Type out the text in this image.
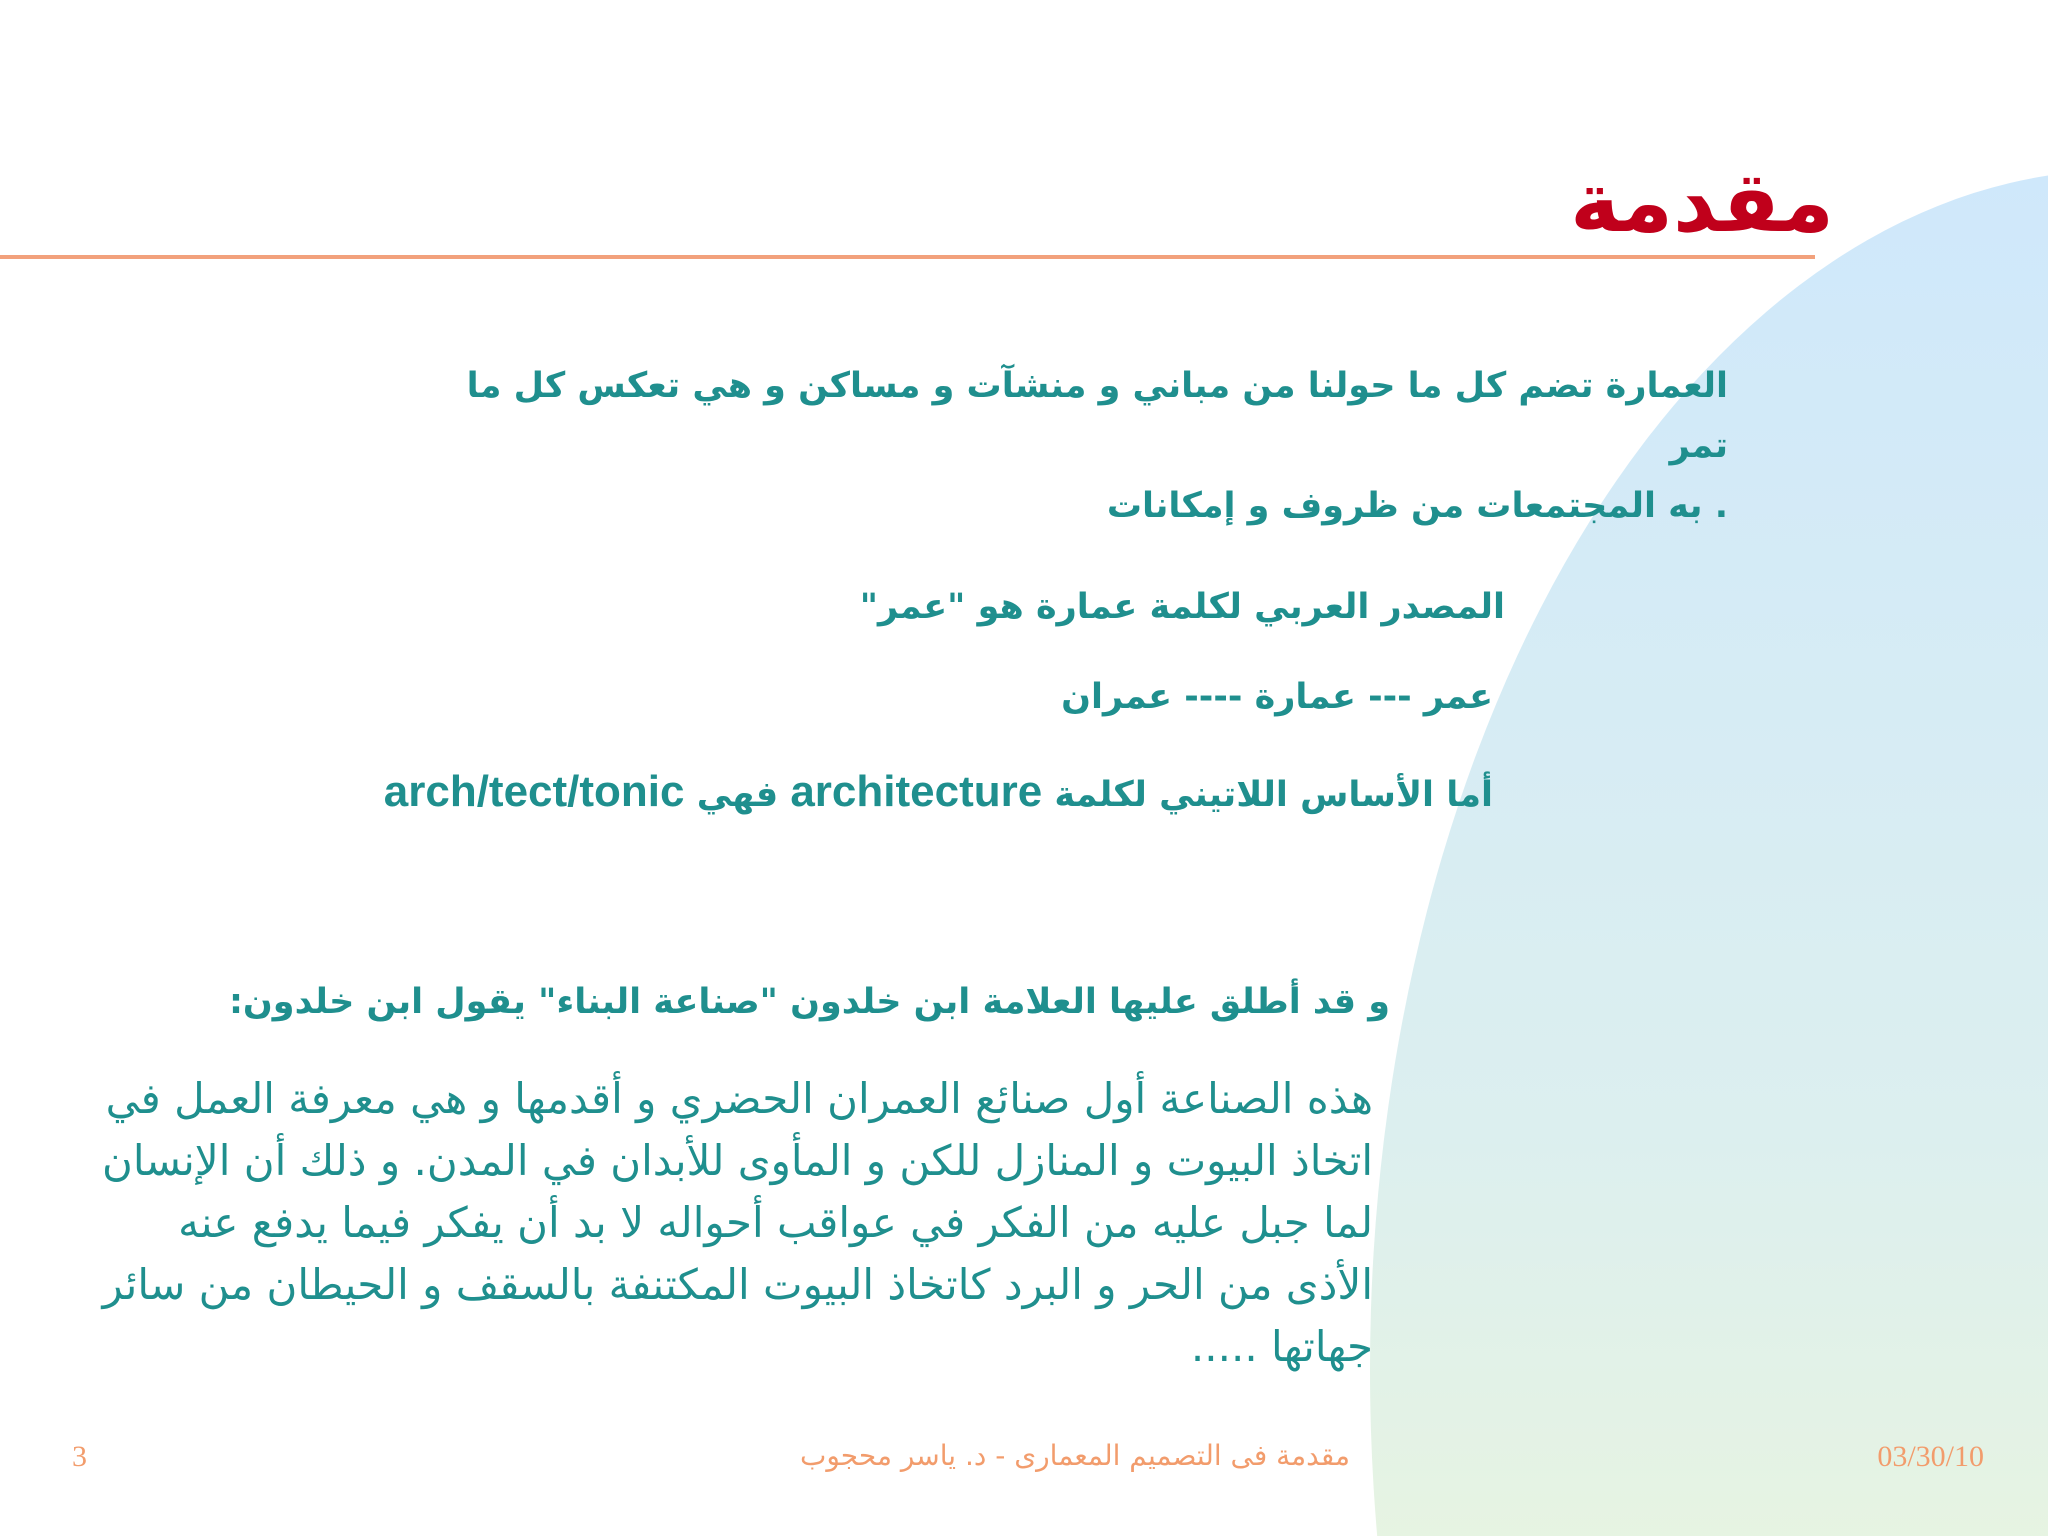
مقدمة
العمارة تضم كل ما حولنا من مباني و منشآت و مساكن و هي تعكس كل ما تمر
. به المجتمعات من ظروف و إمكانات
المصدر العربي لكلمة عمارة هو "عمر"
عمر --- عمارة ---- عمران
أما الأساس اللاتيني لكلمة architecture فهي arch/tect/tonic
و قد أطلق عليها العلامة ابن خلدون "صناعة البناء" يقول ابن خلدون:
هذه الصناعة أول صنائع العمران الحضري و أقدمها و هي معرفة العمل في اتخاذ البيوت و المنازل للكن و المأوى للأبدان في المدن. و ذلك أن الإنسان لما جبل عليه من الفكر في عواقب أحواله لا بد أن يفكر فيما يدفع عنه الأذى من الحر و البرد كاتخاذ البيوت المكتنفة بالسقف و الحيطان من سائر جهاتها .....
3	مقدمة فى التصميم المعمارى - د. ياسر محجوب	03/30/10
